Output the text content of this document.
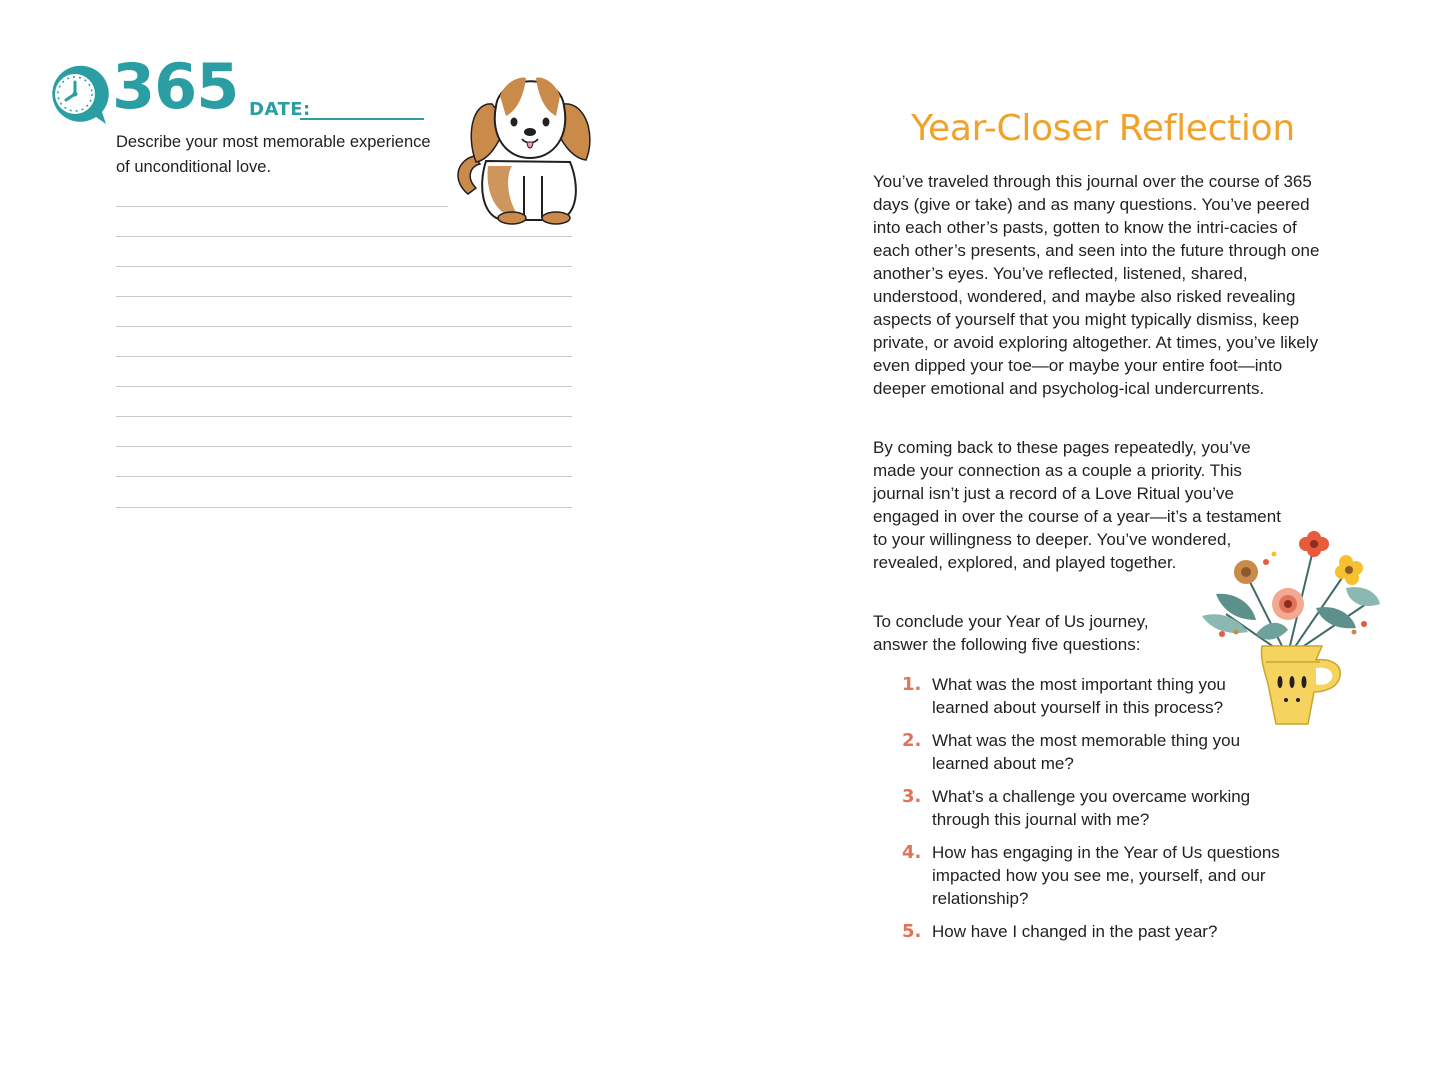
365 DATE:
Describe your most memorable experience of unconditional love.
Year-Closer Reflection
You’ve traveled through this journal over the course of 365 days (give or take) and as many questions. You’ve peered into each other’s pasts, gotten to know the intri-cacies of each other’s presents, and seen into the future through one another’s eyes. You’ve reflected, listened, shared, understood, wondered, and maybe also risked revealing aspects of yourself that you might typically dismiss, keep private, or avoid exploring altogether. At times, you’ve likely even dipped your toe—or maybe your entire foot—into deeper emotional and psycholog-ical undercurrents.
By coming back to these pages repeatedly, you’ve made your connection as a couple a priority. This journal isn’t just a record of a Love Ritual you’ve engaged in over the course of a year—it’s a testament to your willingness to deeper. You’ve wondered, revealed, explored, and played together.
To conclude your Year of Us journey, answer the following five questions:
1. What was the most important thing you learned about yourself in this process?
2. What was the most memorable thing you learned about me?
3. What’s a challenge you overcame working through this journal with me?
4. How has engaging in the Year of Us questions impacted how you see me, yourself, and our relationship?
5. How have I changed in the past year?
